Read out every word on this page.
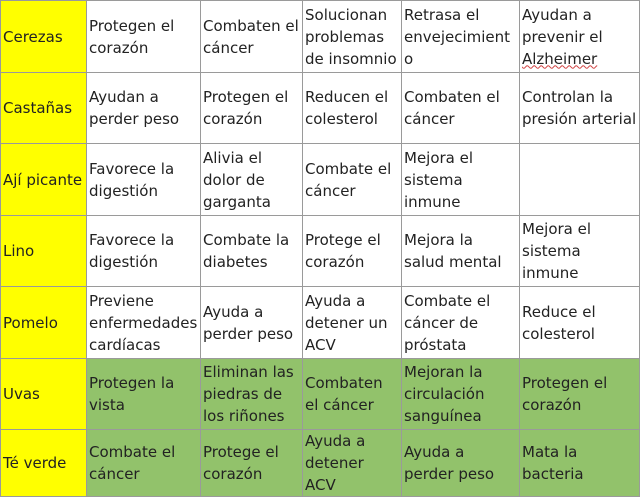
Cerezas	Protegen el corazón	Combaten el cáncer	Solucionan problemas de insomnio	Retrasa el envejecimiento	Ayudan a prevenir el Alzheimer

Castañas	Ayudan a perder peso	Protegen el corazón	Reducen el colesterol	Combaten el cáncer	Controlan la presión arterial
Ají picante	Favorece la digestión	Alivia el dolor de garganta	Combate el cáncer	Mejora el sistema inmune	
Lino	Favorece la digestión	Combate la diabetes	Protege el corazón	Mejora la salud mental	Mejora el sistema inmune
Pomelo	Previene enfermedades cardíacas	Ayuda a perder peso	Ayuda a detener un ACV	Combate el cáncer de próstata	Reduce el colesterol
Uvas	Protegen la vista	Eliminan las piedras de los riñones	Combaten el cáncer	Mejoran la circulación sanguínea	Protegen el corazón
Té verde	Combate el cáncer	Protege el corazón	Ayuda a detener ACV	Ayuda a perder peso	Mata la bacteria
